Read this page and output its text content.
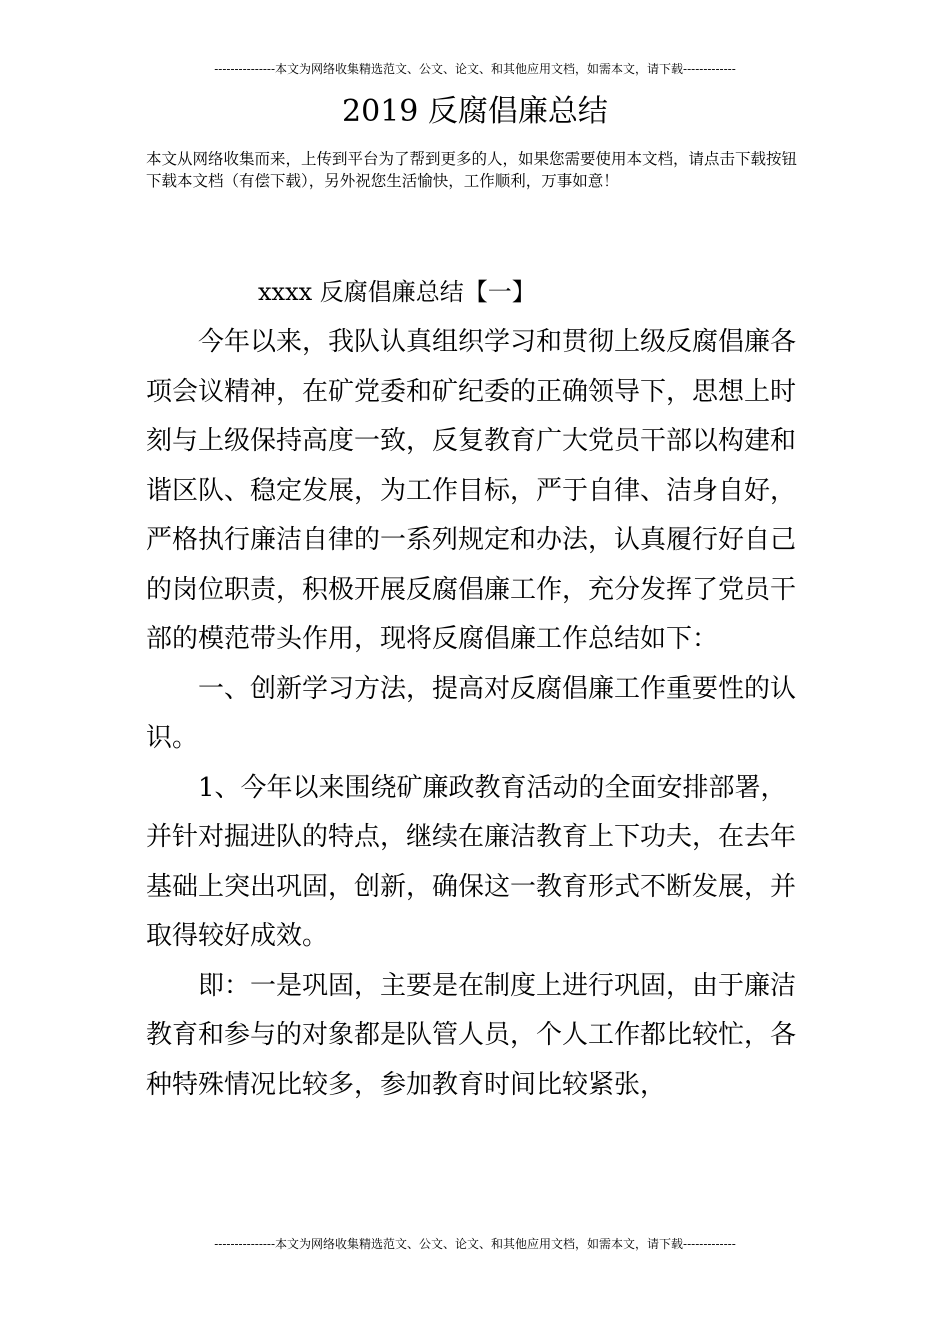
---------------本文为网络收集精选范文、公文、论文、和其他应用文档，如需本文，请下载-------------
2019 反腐倡廉总结

本文从网络收集而来，上传到平台为了帮到更多的人，如果您需要使用本文档，请点击下载按钮下载本文档（有偿下载），另外祝您生活愉快，工作顺利，万事如意！

xxxx 反腐倡廉总结【一】

今年以来，我队认真组织学习和贯彻上级反腐倡廉各项会议精神，在矿党委和矿纪委的正确领导下，思想上时刻与上级保持高度一致，反复教育广大党员干部以构建和谐区队、稳定发展，为工作目标，严于自律、洁身自好，严格执行廉洁自律的一系列规定和办法，认真履行好自己的岗位职责，积极开展反腐倡廉工作，充分发挥了党员干部的模范带头作用，现将反腐倡廉工作总结如下：

一、创新学习方法，提高对反腐倡廉工作重要性的认识。

1、今年以来围绕矿廉政教育活动的全面安排部署，并针对掘进队的特点，继续在廉洁教育上下功夫，在去年基础上突出巩固，创新，确保这一教育形式不断发展，并取得较好成效。

即：一是巩固，主要是在制度上进行巩固，由于廉洁教育和参与的对象都是队管人员，个人工作都比较忙，各种特殊情况比较多，参加教育时间比较紧张，

---------------本文为网络收集精选范文、公文、论文、和其他应用文档，如需本文，请下载-------------
